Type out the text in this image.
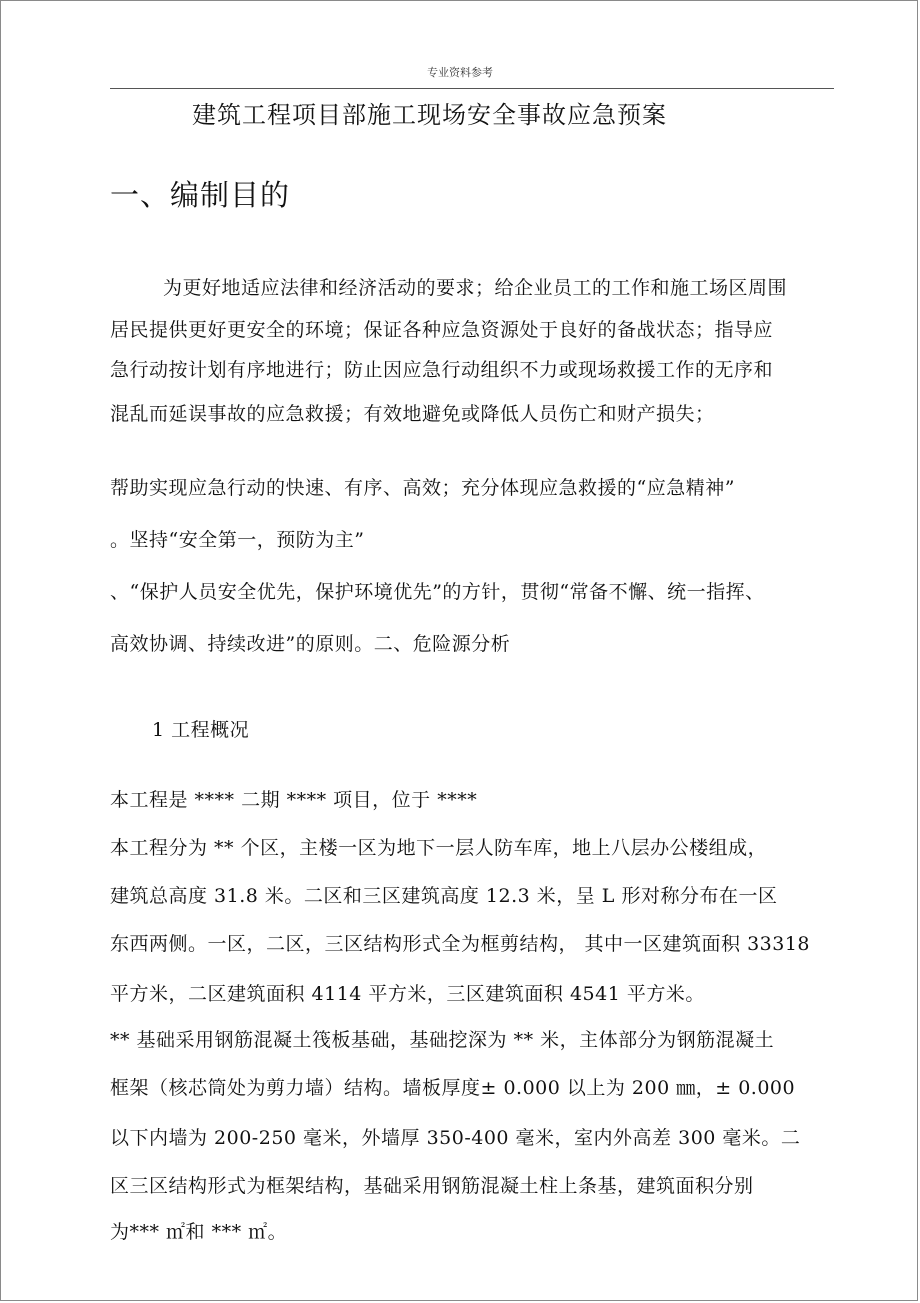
专业资料参考
建筑工程项目部施工现场安全事故应急预案
一、编制目的
为更好地适应法律和经济活动的要求；给企业员工的工作和施工场区周围
居民提供更好更安全的环境；保证各种应急资源处于良好的备战状态；指导应
急行动按计划有序地进行；防止因应急行动组织不力或现场救援工作的无序和
混乱而延误事故的应急救援；有效地避免或降低人员伤亡和财产损失；
帮助实现应急行动的快速、有序、高效；充分体现应急救援的“应急精神”
。坚持“安全第一，预防为主”
、“保护人员安全优先，保护环境优先”的方针，贯彻“常备不懈、统一指挥、
高效协调、持续改进”的原则。二、危险源分析
1 工程概况
本工程是 **** 二期 **** 项目，位于 ****
本工程分为 ** 个区，主楼一区为地下一层人防车库，地上八层办公楼组成，
建筑总高度 31.8 米。二区和三区建筑高度 12.3 米，呈 L 形对称分布在一区
东西两侧。一区，二区，三区结构形式全为框剪结构， 其中一区建筑面积 33318
平方米，二区建筑面积 4114 平方米，三区建筑面积 4541 平方米。
** 基础采用钢筋混凝土筏板基础，基础挖深为 ** 米，主体部分为钢筋混凝土
框架（核芯筒处为剪力墙）结构。墙板厚度± 0.000 以上为 200 ㎜，± 0.000
以下内墙为 200-250 毫米，外墙厚 350-400 毫米，室内外高差 300 毫米。二
区三区结构形式为框架结构，基础采用钢筋混凝土柱上条基，建筑面积分别
为*** ㎡和 *** ㎡。
